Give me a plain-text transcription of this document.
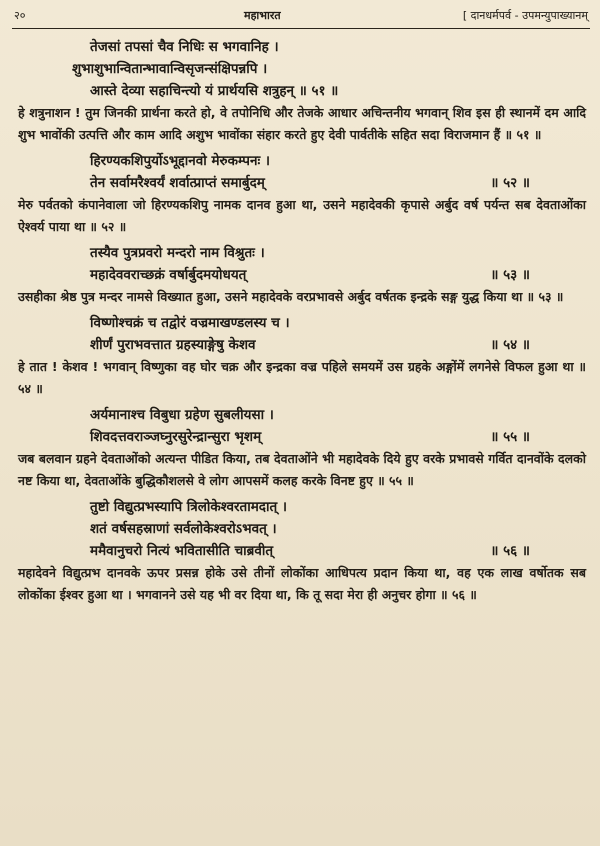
२०	महाभारत	[ दानधर्मपर्व - उपमन्युपाख्यानम्
तेजसां तपसां चैव निधिः स भगवानिह ।
शुभाशुभान्वितान्भावान्विसृजन्संक्षिपन्नपि ।
आस्ते देव्या सहाचिन्त्यो यं प्रार्थयसि शत्रुहन् ॥ ५१ ॥
हे शत्रुनाशन ! तुम जिनकी प्रार्थना करते हो, वे तपोनिधि और तेजके आधार अचिन्तनीय भगवान् शिव इस ही स्थानमें दम आदि शुभ भावोंकी उत्पत्ति और काम आदि अशुभ भावोंका संहार करते हुए देवी पार्वतीके सहित सदा विराजमान हैं ॥ ५१ ॥
हिरण्यकशिपुर्योऽभूद्दानवो मेरुकम्पनः ।
तेन सर्वामरैश्वर्यं शर्वात्प्राप्तं समार्बुदम्	॥ ५२ ॥
मेरु पर्वतको कंपानेवाला जो हिरण्यकशिपु नामक दानव हुआ था, उसने महादेवकी कृपासे अर्बुद वर्ष पर्यन्त सब देवताओंका ऐश्वर्य पाया था ॥ ५२ ॥
तस्यैव पुत्रप्रवरो मन्दरो नाम विश्रुतः ।
महादेववराच्छक्रं वर्षार्बुदमयोधयत्	॥ ५३ ॥
उसहीका श्रेष्ठ पुत्र मन्दर नामसे विख्यात हुआ, उसने महादेवके वरप्रभावसे अर्बुद वर्षतक इन्द्रके सङ्ग युद्ध किया था ॥ ५३ ॥
विष्णोश्चक्रं च तद्वोरं वज्रमाखण्डलस्य च ।
शीर्णं पुराभवत्तात ग्रहस्याङ्गेषु केशव	॥ ५४ ॥
हे तात ! केशव ! भगवान् विष्णुका वह घोर चक्र और इन्द्रका वज्र पहिले समयमें उस ग्रहके अङ्गोंमें लगनेसे विफल हुआ था ॥ ५४ ॥
अर्यमानाश्च विबुधा ग्रहेण सुबलीयसा ।
शिवदत्तवराञ्जघ्नुरसुरेन्द्रान्सुरा भृशम्	॥ ५५ ॥
जब बलवान ग्रहने देवताओंको अत्यन्त पीडित किया, तब देवताओंने भी महादेवके दिये हुए वरके प्रभावसे गर्वित दानवोंके दलको नष्ट किया था, देवताओंके बुद्धिकौशलसे वे लोग आपसमें कलह करके विनष्ट हुए ॥ ५५ ॥
तुष्टो विद्युत्प्रभस्यापि त्रिलोकेश्वरतामदात् ।
शतं वर्षसहस्राणां सर्वलोकेश्वरोऽभवत् ।
ममैवानुचरो नित्यं भवितासीति चाब्रवीत्	॥ ५६ ॥
महादेवने विद्युत्प्रभ दानवके ऊपर प्रसन्न होके उसे तीनों लोकोंका आधिपत्य प्रदान किया था, वह एक लाख वर्षोतक सब लोकोंका ईश्वर हुआ था । भगवानने उसे यह भी वर दिया था, कि तू सदा मेरा ही अनुचर होगा ॥ ५६ ॥
